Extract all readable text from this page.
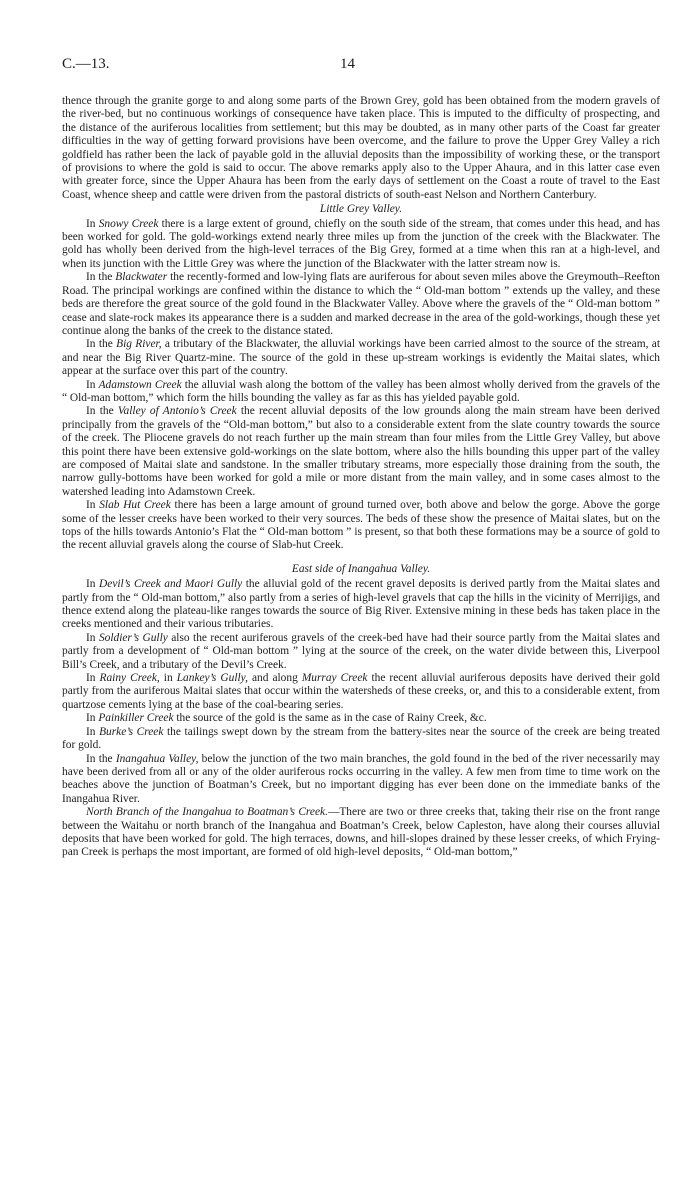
C.—13.	14

thence through the granite gorge to and along some parts of the Brown Grey, gold has been obtained from the modern gravels of the river-bed, but no continuous workings of consequence have taken place. This is imputed to the difficulty of prospecting, and the distance of the auriferous localities from settlement; but this may be doubted, as in many other parts of the Coast far greater difficulties in the way of getting forward provisions have been overcome, and the failure to prove the Upper Grey Valley a rich goldfield has rather been the lack of payable gold in the alluvial deposits than the impossibility of working these, or the transport of provisions to where the gold is said to occur. The above remarks apply also to the Upper Ahaura, and in this latter case even with greater force, since the Upper Ahaura has been from the early days of settlement on the Coast a route of travel to the East Coast, whence sheep and cattle were driven from the pastoral districts of south-east Nelson and Northern Canterbury.

Little Grey Valley.

In Snowy Creek there is a large extent of ground, chiefly on the south side of the stream, that comes under this head, and has been worked for gold. The gold-workings extend nearly three miles up from the junction of the creek with the Blackwater. The gold has wholly been derived from the high-level terraces of the Big Grey, formed at a time when this ran at a high-level, and when its junction with the Little Grey was where the junction of the Blackwater with the latter stream now is.

In the Blackwater the recently-formed and low-lying flats are auriferous for about seven miles above the Greymouth–Reefton Road. The principal workings are confined within the distance to which the “ Old-man bottom ” extends up the valley, and these beds are therefore the great source of the gold found in the Blackwater Valley. Above where the gravels of the “ Old-man bottom ” cease and slate-rock makes its appearance there is a sudden and marked decrease in the area of the gold-workings, though these yet continue along the banks of the creek to the distance stated.

In the Big River, a tributary of the Blackwater, the alluvial workings have been carried almost to the source of the stream, at and near the Big River Quartz-mine. The source of the gold in these up-stream workings is evidently the Maitai slates, which appear at the surface over this part of the country.

In Adamstown Creek the alluvial wash along the bottom of the valley has been almost wholly derived from the gravels of the “ Old-man bottom,” which form the hills bounding the valley as far as this has yielded payable gold.

In the Valley of Antonio’s Creek the recent alluvial deposits of the low grounds along the main stream have been derived principally from the gravels of the “Old-man bottom,” but also to a considerable extent from the slate country towards the source of the creek. The Pliocene gravels do not reach further up the main stream than four miles from the Little Grey Valley, but above this point there have been extensive gold-workings on the slate bottom, where also the hills bounding this upper part of the valley are composed of Maitai slate and sandstone. In the smaller tributary streams, more especially those draining from the south, the narrow gully-bottoms have been worked for gold a mile or more distant from the main valley, and in some cases almost to the watershed leading into Adamstown Creek.

In Slab Hut Creek there has been a large amount of ground turned over, both above and below the gorge. Above the gorge some of the lesser creeks have been worked to their very sources. The beds of these show the presence of Maitai slates, but on the tops of the hills towards Antonio’s Flat the “ Old-man bottom ” is present, so that both these formations may be a source of gold to the recent alluvial gravels along the course of Slab-hut Creek.

East side of Inangahua Valley.

In Devil’s Creek and Maori Gully the alluvial gold of the recent gravel deposits is derived partly from the Maitai slates and partly from the “ Old-man bottom,” also partly from a series of high-level gravels that cap the hills in the vicinity of Merrijigs, and thence extend along the plateau-like ranges towards the source of Big River. Extensive mining in these beds has taken place in the creeks mentioned and their various tributaries.

In Soldier’s Gully also the recent auriferous gravels of the creek-bed have had their source partly from the Maitai slates and partly from a development of “ Old-man bottom ” lying at the source of the creek, on the water divide between this, Liverpool Bill’s Creek, and a tributary of the Devil’s Creek.

In Rainy Creek, in Lankey’s Gully, and along Murray Creek the recent alluvial auriferous deposits have derived their gold partly from the auriferous Maitai slates that occur within the watersheds of these creeks, or, and this to a considerable extent, from quartzose cements lying at the base of the coal-bearing series.

In Painkiller Creek the source of the gold is the same as in the case of Rainy Creek, &c.

In Burke’s Creek the tailings swept down by the stream from the battery-sites near the source of the creek are being treated for gold.

In the Inangahua Valley, below the junction of the two main branches, the gold found in the bed of the river necessarily may have been derived from all or any of the older auriferous rocks occurring in the valley. A few men from time to time work on the beaches above the junction of Boatman’s Creek, but no important digging has ever been done on the immediate banks of the Inangahua River.

North Branch of the Inangahua to Boatman’s Creek.—There are two or three creeks that, taking their rise on the front range between the Waitahu or north branch of the Inangahua and Boatman’s Creek, below Capleston, have along their courses alluvial deposits that have been worked for gold. The high terraces, downs, and hill-slopes drained by these lesser creeks, of which Frying-pan Creek is perhaps the most important, are formed of old high-level deposits, “ Old-man bottom,”
